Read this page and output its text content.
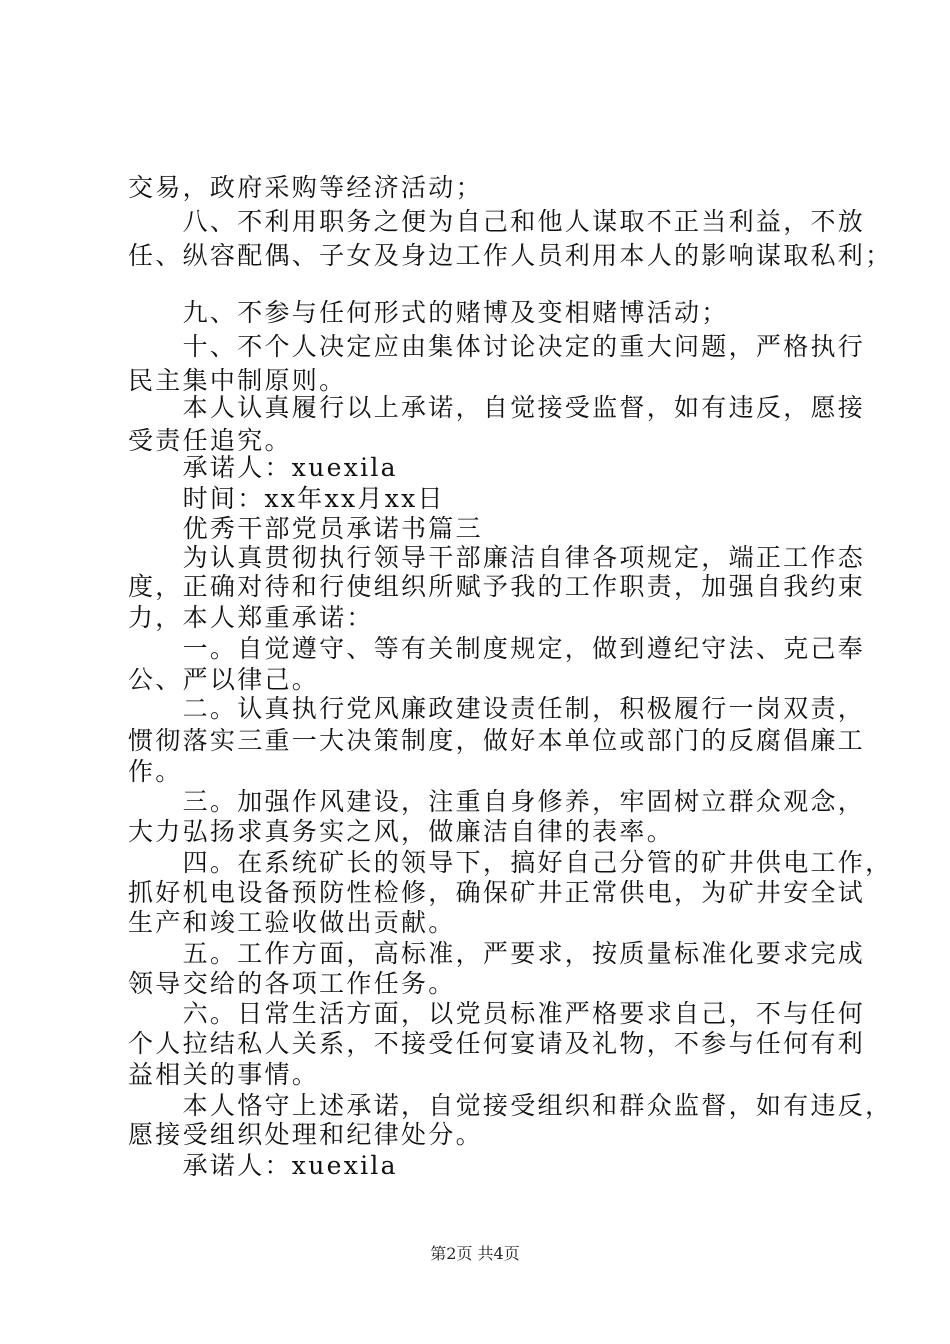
交易，政府采购等经济活动；
　　八、不利用职务之便为自己和他人谋取不正当利益，不放
任、纵容配偶、子女及身边工作人员利用本人的影响谋取私利；
　　九、不参与任何形式的赌博及变相赌博活动；
　　十、不个人决定应由集体讨论决定的重大问题，严格执行
民主集中制原则。
　　本人认真履行以上承诺，自觉接受监督，如有违反，愿接
受责任追究。
　　承诺人：xuexila
　　时间：xx年xx月xx日
　　优秀干部党员承诺书篇三
　　为认真贯彻执行领导干部廉洁自律各项规定，端正工作态
度，正确对待和行使组织所赋予我的工作职责，加强自我约束
力，本人郑重承诺：
　　一。自觉遵守、等有关制度规定，做到遵纪守法、克己奉
公、严以律己。
　　二。认真执行党风廉政建设责任制，积极履行一岗双责，
惯彻落实三重一大决策制度，做好本单位或部门的反腐倡廉工
作。
　　三。加强作风建设，注重自身修养，牢固树立群众观念，
大力弘扬求真务实之风，做廉洁自律的表率。
　　四。在系统矿长的领导下，搞好自己分管的矿井供电工作，
抓好机电设备预防性检修，确保矿井正常供电，为矿井安全试
生产和竣工验收做出贡献。
　　五。工作方面，高标准，严要求，按质量标准化要求完成
领导交给的各项工作任务。
　　六。日常生活方面，以党员标准严格要求自己，不与任何
个人拉结私人关系，不接受任何宴请及礼物，不参与任何有利
益相关的事情。
　　本人恪守上述承诺，自觉接受组织和群众监督，如有违反，
愿接受组织处理和纪律处分。
　　承诺人：xuexila
第2页 共4页
